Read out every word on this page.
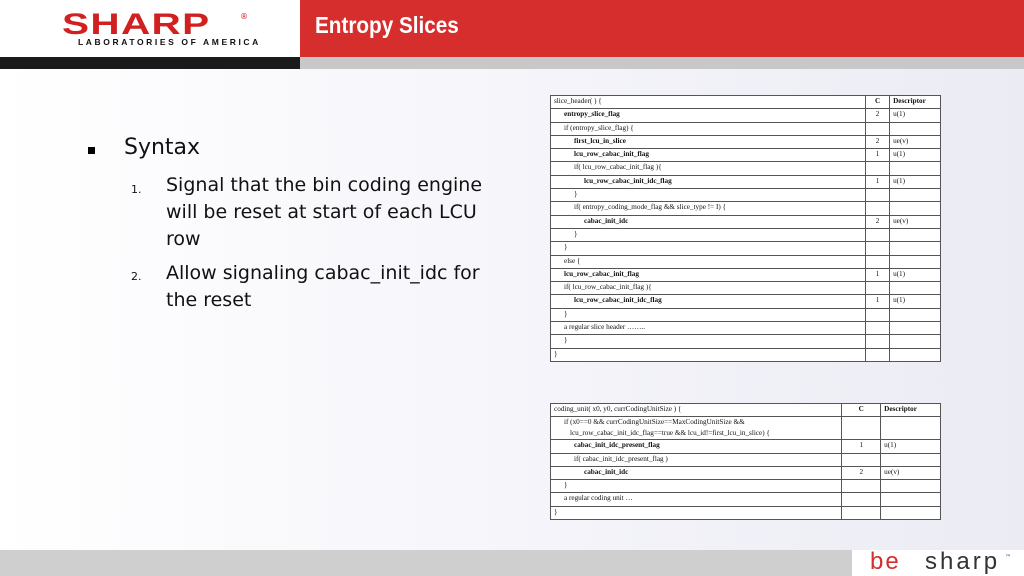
SHARP	®
LABORATORIES OF AMERICA
Entropy Slices
Syntax
1. Signal that the bin coding engine will be reset at start of each LCU row
2. Allow signaling cabac_init_idc for the reset
slice_header( ) {	C	Descriptor

entropy_slice_flag	2	u(1)

if (entropy_slice_flag) {		

first_lcu_in_slice	2	ue(v)

lcu_row_cabac_init_flag	1	u(1)

if( lcu_row_cabac_init_flag ){		

lcu_row_cabac_init_idc_flag	1	u(1)

}		

if( entropy_coding_mode_flag && slice_type != I) {		

cabac_init_idc	2	ue(v)

}		

}		

else {		

lcu_row_cabac_init_flag	1	u(1)

if( lcu_row_cabac_init_flag ){		

lcu_row_cabac_init_idc_flag	1	u(1)

}		

a regular slice header ……..		

}		

}		

coding_unit( x0, y0, currCodingUnitSize ) {	C	Descriptor

if (x0==0 && currCodingUnitSize==MaxCodingUnitSize &&
lcu_row_cabac_init_idc_flag==true && lcu_id!=first_lcu_in_slice) {		

cabac_init_idc_present_flag	1	u(1)

if( cabac_init_idc_present_flag )		

cabac_init_idc	2	ue(v)

}		

a regular coding unit …		

}		

be sharp ™
